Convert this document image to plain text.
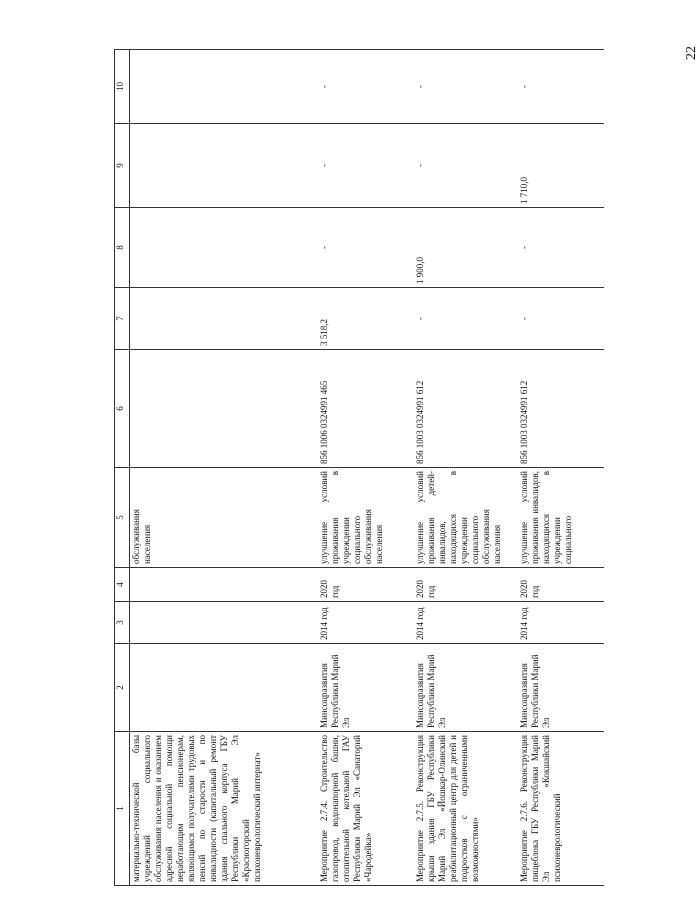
22
1	2	3	4	5	6	7	8	9	10
материально-технической базы учреждений социального обслуживания населения и оказанием адресной социальной помощи неработающим пенсионерам, являющимся получателями трудовых пенсий по старости и по инвалидности (капитальный ремонт здания спального корпуса ГБУ Республики Марий Эл «Красногорский психоневрологический интернат»				обслуживания населения					

Мероприятие 2.7.4. Строительство газопровод, водонапорной башни, отопительной котельной ГАУ Республики Марий Эл «Санаторий «Чародейка»	Минсоцразвития Республики Марий Эл	2014 год	2020 год	улучшение условий проживания в учреждении социального обслуживания населения	856 1006 0324991 465	3 518,2	-	-	-
Мероприятие 2.7.5. Реконструкция крыши здания ГБУ Республики Марий Эл «Йошкар-Олинский реабилитационный центр для детей и подростков с ограниченными возможностями»	Минсоцразвития Республики Марий Эл	2014 год	2020 год	улучшение условий проживания детей-инвалидов, находящихся в учреждении социального обслуживания населения	856 1003 0324991 612	-	1 900,0	-	-
Мероприятие 2.7.6. Реконструкция пищеблока ГБУ Республики Марий Эл «Кокшайский психоневрологический	Минсоцразвития Республики Марий Эл	2014 год	2020 год	улучшение условий проживания инвалидов, находящихся в учреждении социального	856 1003 0324991 612	-	-	1 710,0	-
